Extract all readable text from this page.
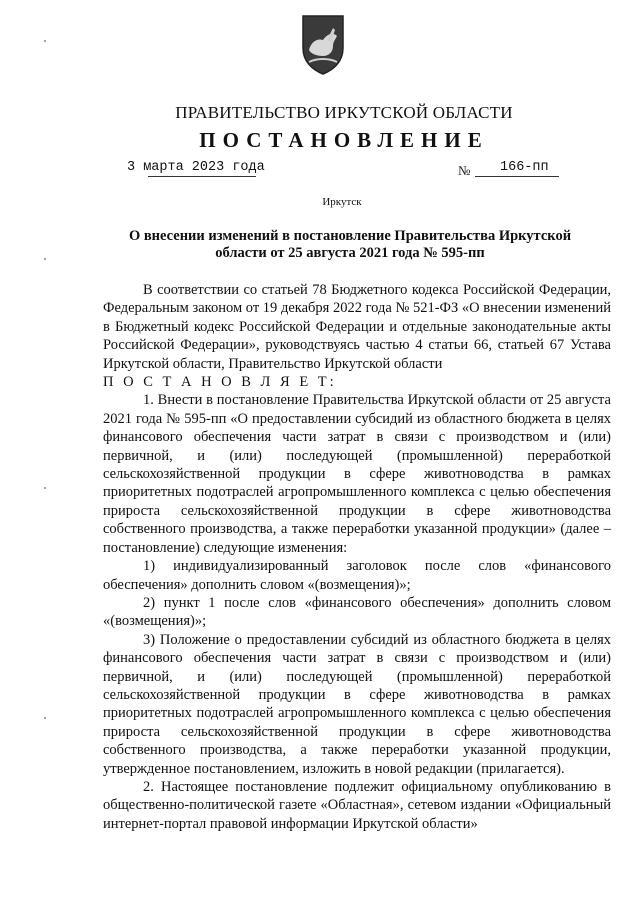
ПРАВИТЕЛЬСТВО ИРКУТСКОЙ ОБЛАСТИ
ПОСТАНОВЛЕНИЕ
3 марта 2023 года	№ 166-пп
Иркутск
О внесении изменений в постановление Правительства Иркутской области от 25 августа 2021 года № 595-пп

В соответствии со статьей 78 Бюджетного кодекса Российской Федерации, Федеральным законом от 19 декабря 2022 года № 521-ФЗ «О внесении изменений в Бюджетный кодекс Российской Федерации и отдельные законодательные акты Российской Федерации», руководствуясь частью 4 статьи 66, статьей 67 Устава Иркутской области, Правительство Иркутской области

П О С Т А Н О В Л Я Е Т:

1. Внести в постановление Правительства Иркутской области от 25 августа 2021 года № 595-пп «О предоставлении субсидий из областного бюджета в целях финансового обеспечения части затрат в связи с производством и (или) первичной, и (или) последующей (промышленной) переработкой сельскохозяйственной продукции в сфере животноводства в рамках приоритетных подотраслей агропромышленного комплекса с целью обеспечения прироста сельскохозяйственной продукции в сфере животноводства собственного производства, а также переработки указанной продукции» (далее – постановление) следующие изменения:

1) индивидуализированный заголовок после слов «финансового обеспечения» дополнить словом «(возмещения)»;

2) пункт 1 после слов «финансового обеспечения» дополнить словом «(возмещения)»;

3) Положение о предоставлении субсидий из областного бюджета в целях финансового обеспечения части затрат в связи с производством и (или) первичной, и (или) последующей (промышленной) переработкой сельскохозяйственной продукции в сфере животноводства в рамках приоритетных подотраслей агропромышленного комплекса с целью обеспечения прироста сельскохозяйственной продукции в сфере животноводства собственного производства, а также переработки указанной продукции, утвержденное постановлением, изложить в новой редакции (прилагается).

2. Настоящее постановление подлежит официальному опубликованию в общественно-политической газете «Областная», сетевом издании «Официальный интернет-портал правовой информации Иркутской области»
